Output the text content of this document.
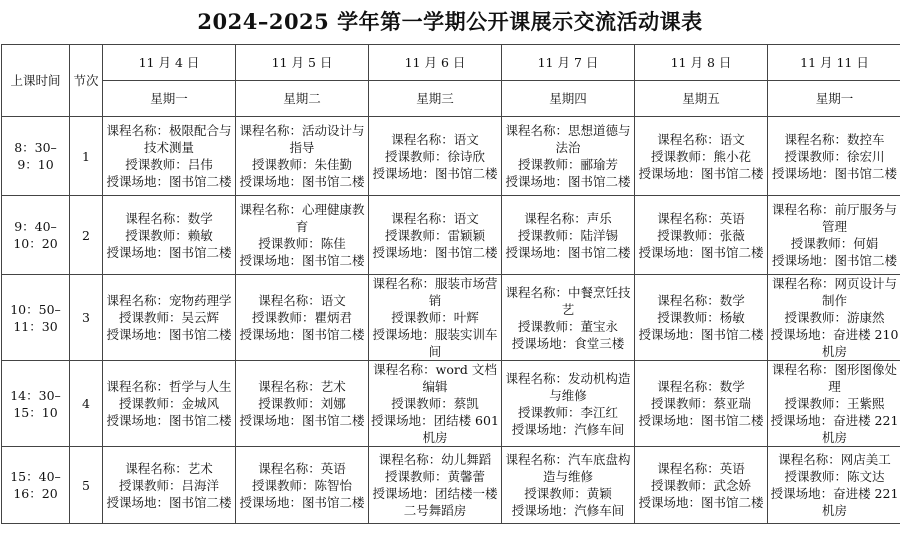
2024–2025 学年第一学期公开课展示交流活动课表
上课时间	节次	11 月 4 日	11 月 5 日	11 月 6 日	11 月 7 日	11 月 8 日	11 月 11 日
		星期一	星期二	星期三	星期四	星期五	星期一

8：30–
9：10	1	课程名称：极限配合与
技术测量
授课教师：吕伟
授课场地：图书馆二楼	课程名称：活动设计与
指导
授课教师：朱佳勤
授课场地：图书馆二楼	课程名称：语文
授课教师：徐诗欣
授课场地：图书馆二楼	课程名称：思想道德与
法治
授课教师：郦瑜芳
授课场地：图书馆二楼	课程名称：语文
授课教师：熊小花
授课场地：图书馆二楼	课程名称：数控车
授课教师：徐宏川
授课场地：图书馆二楼

9：40–
10：20	2	课程名称：数学
授课教师：赖敏
授课场地：图书馆二楼	课程名称：心理健康教
育
授课教师：陈佳
授课场地：图书馆二楼	课程名称：语文
授课教师：雷颖颖
授课场地：图书馆二楼	课程名称：声乐
授课教师：陆洋锡
授课场地：图书馆二楼	课程名称：英语
授课教师：张薇
授课场地：图书馆二楼	课程名称：前厅服务与
管理
授课教师：何娟
授课场地：图书馆二楼

10：50–
11：30	3	课程名称：宠物药理学
授课教师：吴云辉
授课场地：图书馆二楼	课程名称：语文
授课教师：瞿炳君
授课场地：图书馆二楼	课程名称：服装市场营
销
授课教师：叶辉
授课场地：服装实训车间	课程名称：中餐烹饪技
艺
授课教师：董宝永
授课场地：食堂三楼	课程名称：数学
授课教师：杨敏
授课场地：图书馆二楼	课程名称：网页设计与
制作
授课教师：游康然
授课场地：奋进楼 210
机房

14：30–
15：10	4	课程名称：哲学与人生
授课教师：金城风
授课场地：图书馆二楼	课程名称：艺术
授课教师：刘娜
授课场地：图书馆二楼	课程名称：word 文档
编辑
授课教师：蔡凯
授课场地：团结楼 601
机房	课程名称：发动机构造
与维修
授课教师：李江红
授课场地：汽修车间	课程名称：数学
授课教师：蔡亚瑞
授课场地：图书馆二楼	课程名称：图形图像处
理
授课教师：王紫熙
授课场地：奋进楼 221
机房

15：40–
16：20	5	课程名称：艺术
授课教师：吕海洋
授课场地：图书馆二楼	课程名称：英语
授课教师：陈智怡
授课场地：图书馆二楼	课程名称：幼儿舞蹈
授课教师：黄馨蕾
授课场地：团结楼一楼
二号舞蹈房	课程名称：汽车底盘构
造与维修
授课教师：黄颖
授课场地：汽修车间	课程名称：英语
授课教师：武念娇
授课场地：图书馆二楼	课程名称：网店美工
授课教师：陈文达
授课场地：奋进楼 221
机房
